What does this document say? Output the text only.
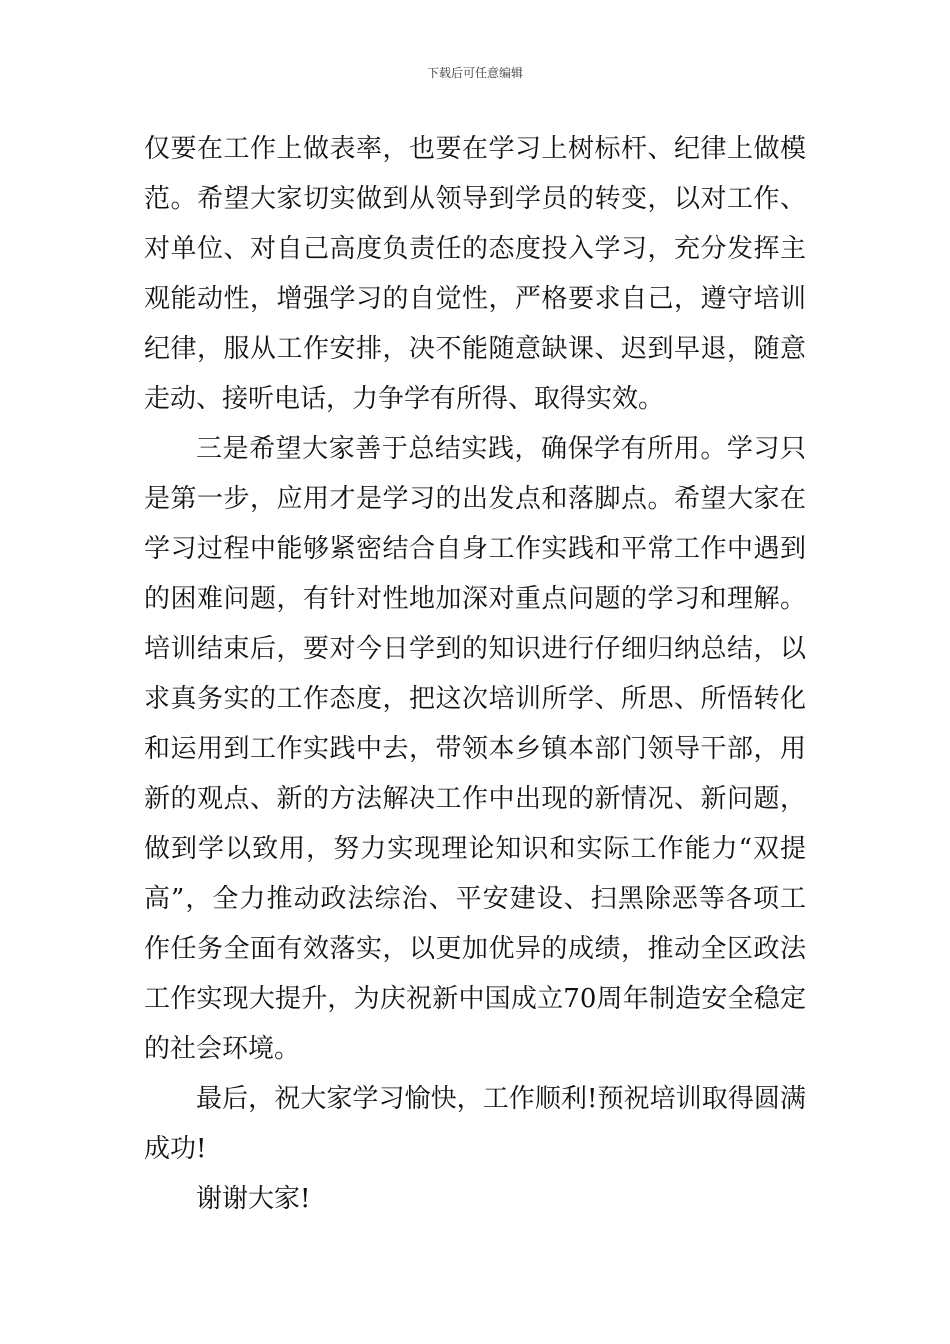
下载后可任意编辑
仅要在工作上做表率，也要在学习上树标杆、纪律上做模
范。希望大家切实做到从领导到学员的转变，以对工作、
对单位、对自己高度负责任的态度投入学习，充分发挥主
观能动性，增强学习的自觉性，严格要求自己，遵守培训
纪律，服从工作安排，决不能随意缺课、迟到早退，随意
走动、接听电话，力争学有所得、取得实效。
三是希望大家善于总结实践，确保学有所用。学习只
是第一步，应用才是学习的出发点和落脚点。希望大家在
学习过程中能够紧密结合自身工作实践和平常工作中遇到
的困难问题，有针对性地加深对重点问题的学习和理解。
培训结束后，要对今日学到的知识进行仔细归纳总结，以
求真务实的工作态度，把这次培训所学、所思、所悟转化
和运用到工作实践中去，带领本乡镇本部门领导干部，用
新的观点、新的方法解决工作中出现的新情况、新问题，
做到学以致用，努力实现理论知识和实际工作能力“双提
高”，全力推动政法综治、平安建设、扫黑除恶等各项工
作任务全面有效落实，以更加优异的成绩，推动全区政法
工作实现大提升，为庆祝新中国成立70周年制造安全稳定
的社会环境。
最后，祝大家学习愉快，工作顺利!预祝培训取得圆满
成功!
谢谢大家!
